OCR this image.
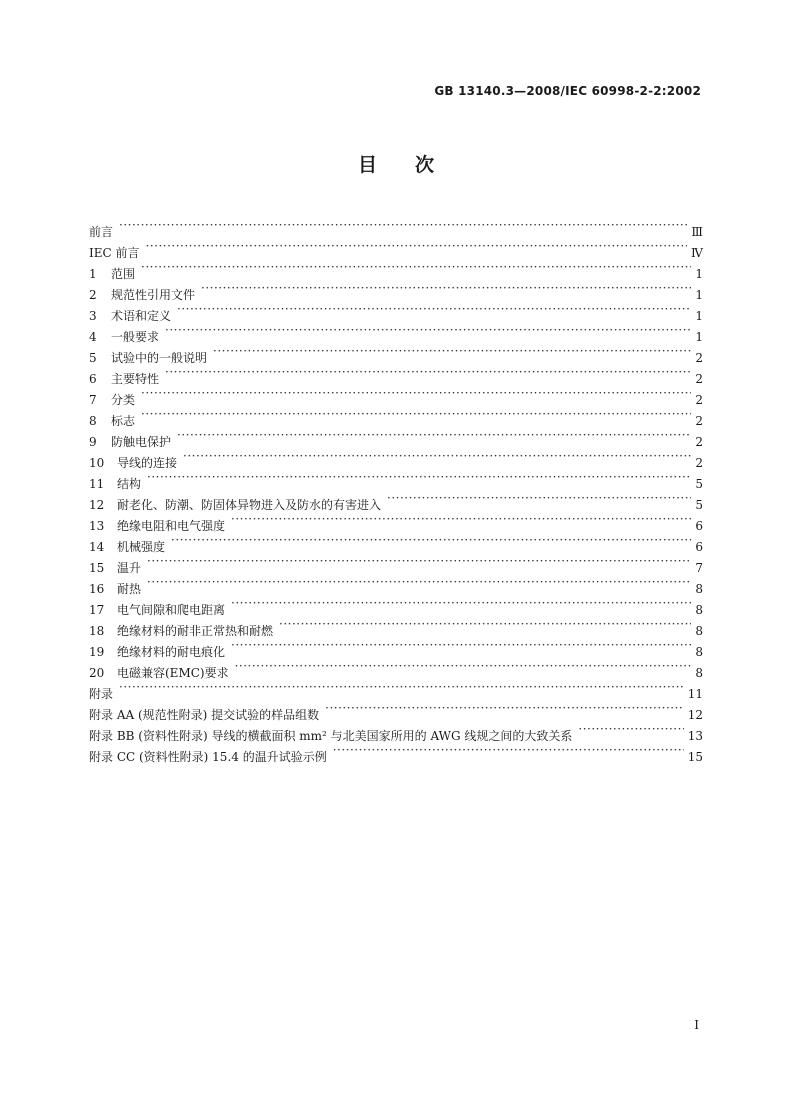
GB 13140.3—2008/IEC 60998-2-2:2002
目次
前言 ·····	Ⅲ
IEC 前言 ·····	Ⅳ
1 范围 ·····	1
2 规范性引用文件 ·····	1
3 术语和定义 ·····	1
4 一般要求 ·····	1
5 试验中的一般说明 ·····	2
6 主要特性 ·····	2
7 分类 ·····	2
8 标志 ·····	2
9 防触电保护 ·····	2
10 导线的连接 ·····	2
11 结构 ·····	5
12 耐老化、防潮、防固体异物进入及防水的有害进入 ·····	5
13 绝缘电阻和电气强度 ·····	6
14 机械强度 ·····	6
15 温升 ·····	7
16 耐热 ·····	8
17 电气间隙和爬电距离 ·····	8
18 绝缘材料的耐非正常热和耐燃 ·····	8
19 绝缘材料的耐电痕化 ·····	8
20 电磁兼容(EMC)要求 ·····	8
附录 ·····	11
附录 AA (规范性附录) 提交试验的样品组数 ·····	12
附录 BB (资料性附录) 导线的横截面积 mm² 与北美国家所用的 AWG 线规之间的大致关系 ·····	13
附录 CC (资料性附录) 15.4 的温升试验示例 ·····	15
I
